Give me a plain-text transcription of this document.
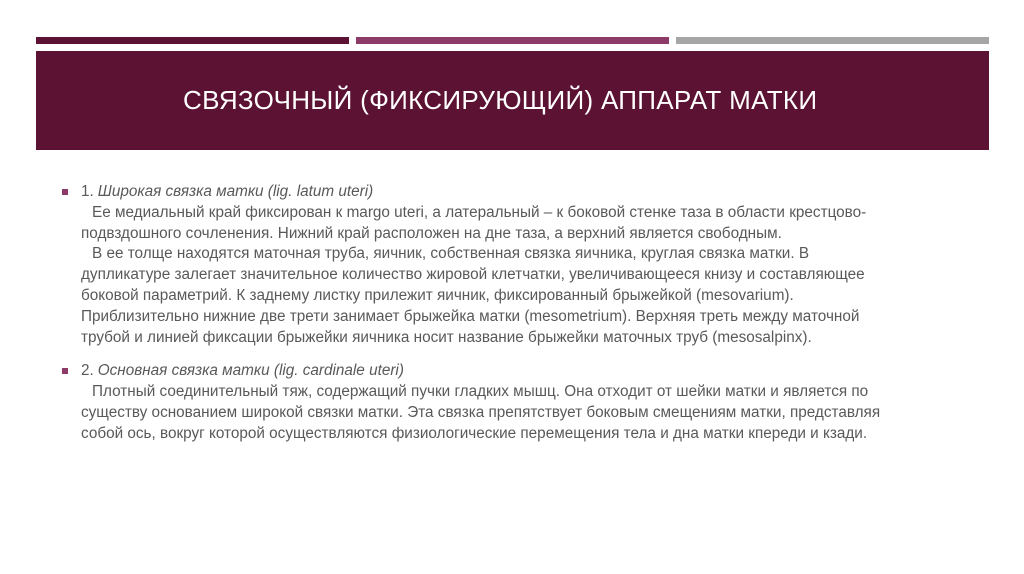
СВЯЗОЧНЫЙ (ФИКСИРУЮЩИЙ) АППАРАТ МАТКИ
1. Широкая связка матки (lig. latum uteri)
Ее медиальный край фиксирован к margo uteri, а латеральный – к боковой стенке таза в области крестцово-
подвздошного сочленения. Нижний край расположен на дне таза, а верхний является свободным.
В ее толще находятся маточная труба, яичник, собственная связка яичника, круглая связка матки. В
дупликатуре залегает значительное количество жировой клетчатки, увеличивающееся книзу и составляющее
боковой параметрий. К заднему листку прилежит яичник, фиксированный брыжейкой (mesovarium).
Приблизительно нижние две трети занимает брыжейка матки (mesometrium). Верхняя треть между маточной
трубой и линией фиксации брыжейки яичника носит название брыжейки маточных труб (mesosalpinx).
2. Основная связка матки (lig. cardinale uteri)
Плотный соединительный тяж, содержащий пучки гладких мышц. Она отходит от шейки матки и является по
существу основанием широкой связки матки. Эта связка препятствует боковым смещениям матки, представляя
собой ось, вокруг которой осуществляются физиологические перемещения тела и дна матки кпереди и кзади.
